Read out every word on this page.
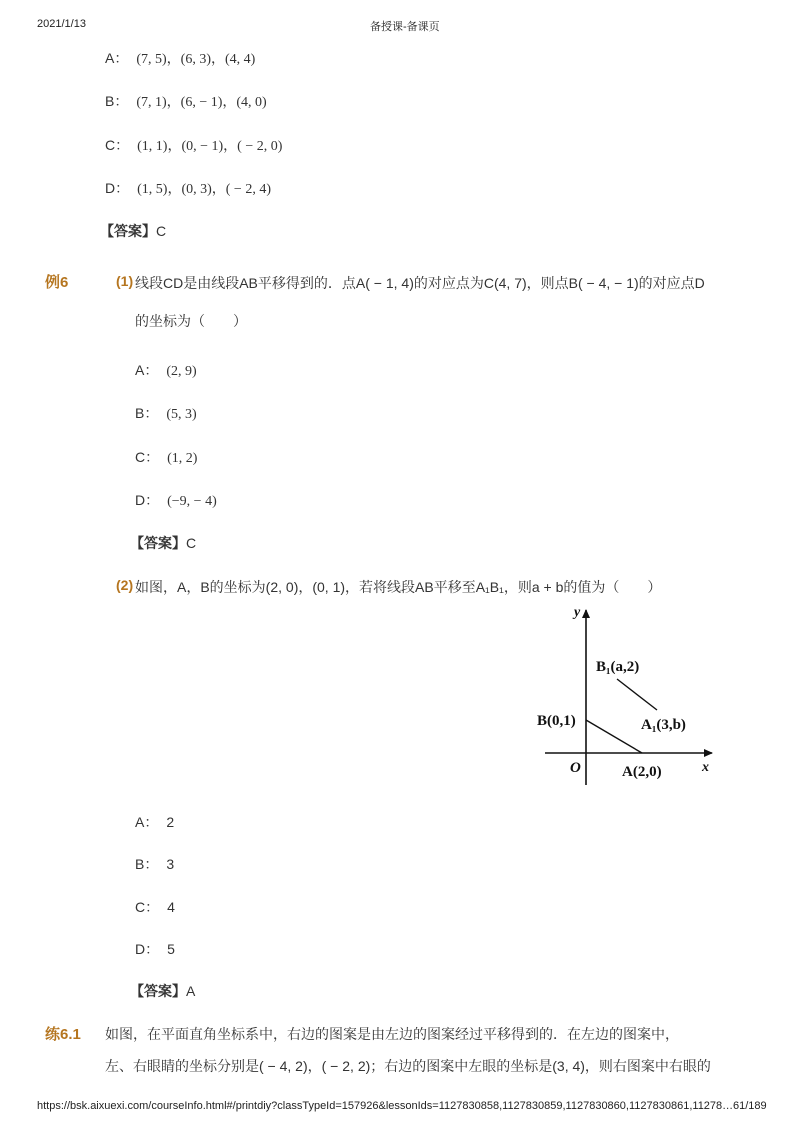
2021/1/13	备授课-备课页
A： (7, 5)，(6, 3)，(4, 4)
B： (7, 1)，(6, − 1)，(4, 0)
C： (1, 1)，(0, − 1)，( − 2, 0)
D： (1, 5)，(0, 3)，( − 2, 4)
【答案】C
例6	(1) 线段CD是由线段AB平移得到的．点A( − 1, 4)的对应点为C(4, 7)，则点B( − 4, − 1)的对应点D
的坐标为（　　）
A： (2, 9)
B： (5, 3)
C： (1, 2)
D： (−9, − 4)
【答案】C
(2) 如图，A，B的坐标为(2, 0)，(0, 1)，若将线段AB平移至A₁B₁，则a + b的值为（　　）
y
x
O
B₁(a,2)
B(0,1)	A₁(3,b)
A(2,0)
A： 2
B： 3
C： 4
D： 5
【答案】A
练6.1 如图，在平面直角坐标系中，右边的图案是由左边的图案经过平移得到的．在左边的图案中，
左、右眼睛的坐标分别是( − 4, 2)，( − 2, 2)；右边的图案中左眼的坐标是(3, 4)，则右图案中右眼的
https://bsk.aixuexi.com/courseInfo.html#/printdiy?classTypeId=157926&lessonIds=1127830858,1127830859,1127830860,1127830861,11278… 61/189
